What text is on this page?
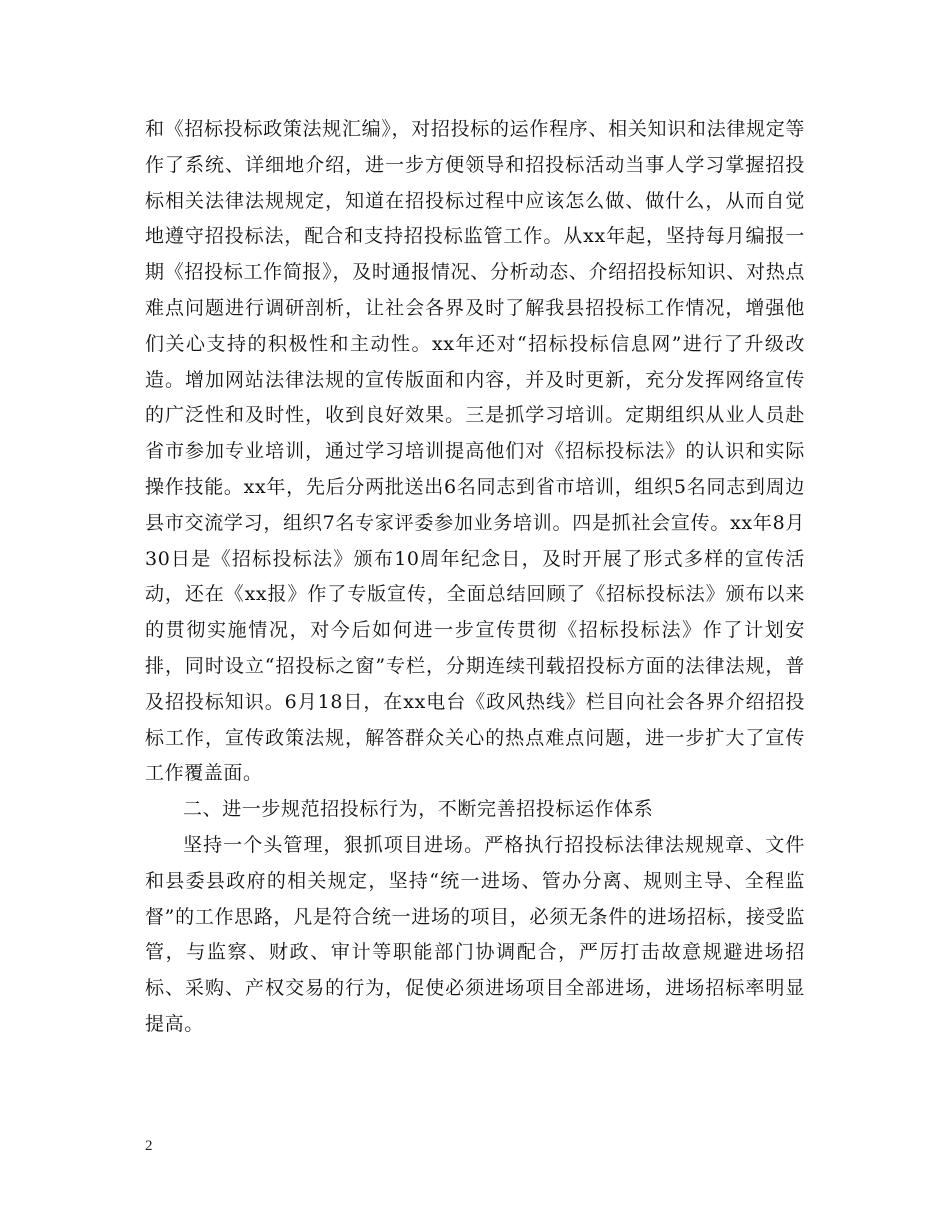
和《招标投标政策法规汇编》，对招投标的运作程序、相关知识和法律规定等作了系统、详细地介绍，进一步方便领导和招投标活动当事人学习掌握招投标相关法律法规规定，知道在招投标过程中应该怎么做、做什么，从而自觉地遵守招投标法，配合和支持招投标监管工作。从xx年起，坚持每月编报一期《招投标工作简报》，及时通报情况、分析动态、介绍招投标知识、对热点难点问题进行调研剖析，让社会各界及时了解我县招投标工作情况，增强他们关心支持的积极性和主动性。xx年还对“招标投标信息网”进行了升级改造。增加网站法律法规的宣传版面和内容，并及时更新，充分发挥网络宣传的广泛性和及时性，收到良好效果。三是抓学习培训。定期组织从业人员赴省市参加专业培训，通过学习培训提高他们对《招标投标法》的认识和实际操作技能。xx年，先后分两批送出6名同志到省市培训，组织5名同志到周边县市交流学习，组织7名专家评委参加业务培训。四是抓社会宣传。xx年8月30日是《招标投标法》颁布10周年纪念日，及时开展了形式多样的宣传活动，还在《xx报》作了专版宣传，全面总结回顾了《招标投标法》颁布以来的贯彻实施情况，对今后如何进一步宣传贯彻《招标投标法》作了计划安排，同时设立“招投标之窗”专栏，分期连续刊载招投标方面的法律法规，普及招投标知识。6月18日，在xx电台《政风热线》栏目向社会各界介绍招投标工作，宣传政策法规，解答群众关心的热点难点问题，进一步扩大了宣传工作覆盖面。

二、进一步规范招投标行为，不断完善招投标运作体系

坚持一个头管理，狠抓项目进场。严格执行招投标法律法规规章、文件和县委县政府的相关规定，坚持“统一进场、管办分离、规则主导、全程监督”的工作思路，凡是符合统一进场的项目，必须无条件的进场招标，接受监管，与监察、财政、审计等职能部门协调配合，严厉打击故意规避进场招标、采购、产权交易的行为，促使必须进场项目全部进场，进场招标率明显提高。

2
